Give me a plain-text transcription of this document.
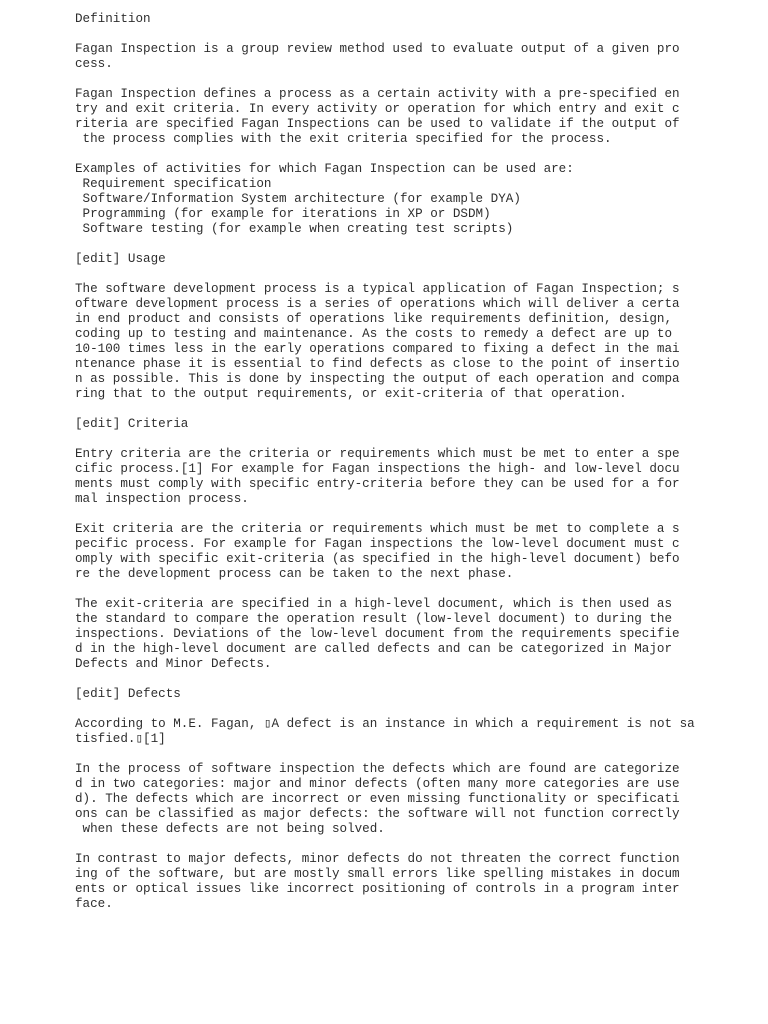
Definition
Fagan Inspection is a group review method used to evaluate output of a given pro
cess.
Fagan Inspection defines a process as a certain activity with a pre-specified en
try and exit criteria. In every activity or operation for which entry and exit c
riteria are specified Fagan Inspections can be used to validate if the output of
the process complies with the exit criteria specified for the process.
Examples of activities for which Fagan Inspection can be used are:
Requirement specification
Software/Information System architecture (for example DYA)
Programming (for example for iterations in XP or DSDM)
Software testing (for example when creating test scripts)
[edit] Usage
The software development process is a typical application of Fagan Inspection; s
oftware development process is a series of operations which will deliver a certa
in end product and consists of operations like requirements definition, design,
coding up to testing and maintenance. As the costs to remedy a defect are up to
10-100 times less in the early operations compared to fixing a defect in the mai
ntenance phase it is essential to find defects as close to the point of insertio
n as possible. This is done by inspecting the output of each operation and compa
ring that to the output requirements, or exit-criteria of that operation.
[edit] Criteria
Entry criteria are the criteria or requirements which must be met to enter a spe
cific process.[1] For example for Fagan inspections the high- and low-level docu
ments must comply with specific entry-criteria before they can be used for a for
mal inspection process.
Exit criteria are the criteria or requirements which must be met to complete a s
pecific process. For example for Fagan inspections the low-level document must c
omply with specific exit-criteria (as specified in the high-level document) befo
re the development process can be taken to the next phase.
The exit-criteria are specified in a high-level document, which is then used as
the standard to compare the operation result (low-level document) to during the
inspections. Deviations of the low-level document from the requirements specifie
d in the high-level document are called defects and can be categorized in Major
Defects and Minor Defects.
[edit] Defects
According to M.E. Fagan, ▯A defect is an instance in which a requirement is not sa
tisfied.▯[1]
In the process of software inspection the defects which are found are categorize
d in two categories: major and minor defects (often many more categories are use
d). The defects which are incorrect or even missing functionality or specificati
ons can be classified as major defects: the software will not function correctly
when these defects are not being solved.
In contrast to major defects, minor defects do not threaten the correct function
ing of the software, but are mostly small errors like spelling mistakes in docum
ents or optical issues like incorrect positioning of controls in a program inter
face.
